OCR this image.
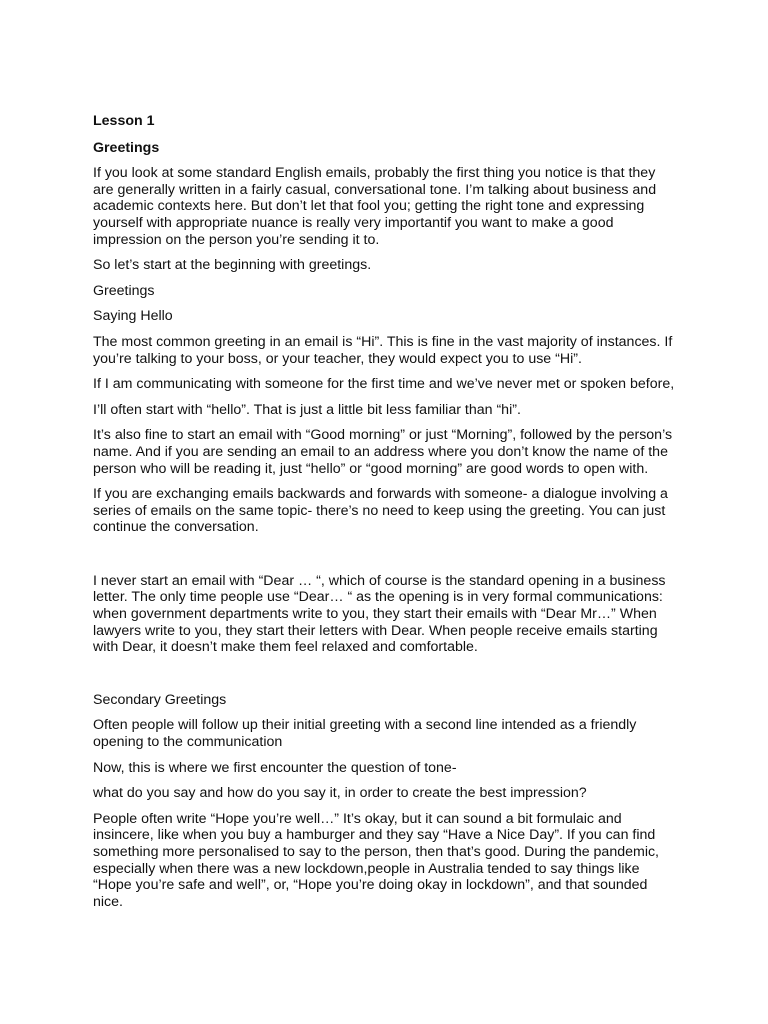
Lesson 1

Greetings

If you look at some standard English emails, probably the first thing you notice is that they are generally written in a fairly casual, conversational tone. I’m talking about business and academic contexts here. But don’t let that fool you; getting the right tone and expressing yourself with appropriate nuance is really very importantif you want to make a good impression on the person you’re sending it to.

So let’s start at the beginning with greetings.

Greetings

Saying Hello

The most common greeting in an email is “Hi”. This is fine in the vast majority of instances. If you’re talking to your boss, or your teacher, they would expect you to use “Hi”.

If I am communicating with someone for the first time and we’ve never met or spoken before,

I’ll often start with “hello”. That is just a little bit less familiar than “hi”.

It’s also fine to start an email with “Good morning” or just “Morning”, followed by the person’s name. And if you are sending an email to an address where you don’t know the name of the person who will be reading it, just “hello” or “good morning” are good words to open with.

If you are exchanging emails backwards and forwards with someone- a dialogue involving a series of emails on the same topic- there’s no need to keep using the greeting. You can just continue the conversation.

I never start an email with “Dear … “, which of course is the standard opening in a business letter. The only time people use “Dear… “ as the opening is in very formal communications: when government departments write to you, they start their emails with “Dear Mr…” When lawyers write to you, they start their letters with Dear. When people receive emails starting with Dear, it doesn’t make them feel relaxed and comfortable.

Secondary Greetings

Often people will follow up their initial greeting with a second line intended as a friendly opening to the communication

Now, this is where we first encounter the question of tone-

what do you say and how do you say it, in order to create the best impression?

People often write “Hope you’re well…” It’s okay, but it can sound a bit formulaic and insincere, like when you buy a hamburger and they say “Have a Nice Day”. If you can find something more personalised to say to the person, then that’s good. During the pandemic, especially when there was a new lockdown,people in Australia tended to say things like “Hope you’re safe and well”, or, “Hope you’re doing okay in lockdown”, and that sounded nice.
